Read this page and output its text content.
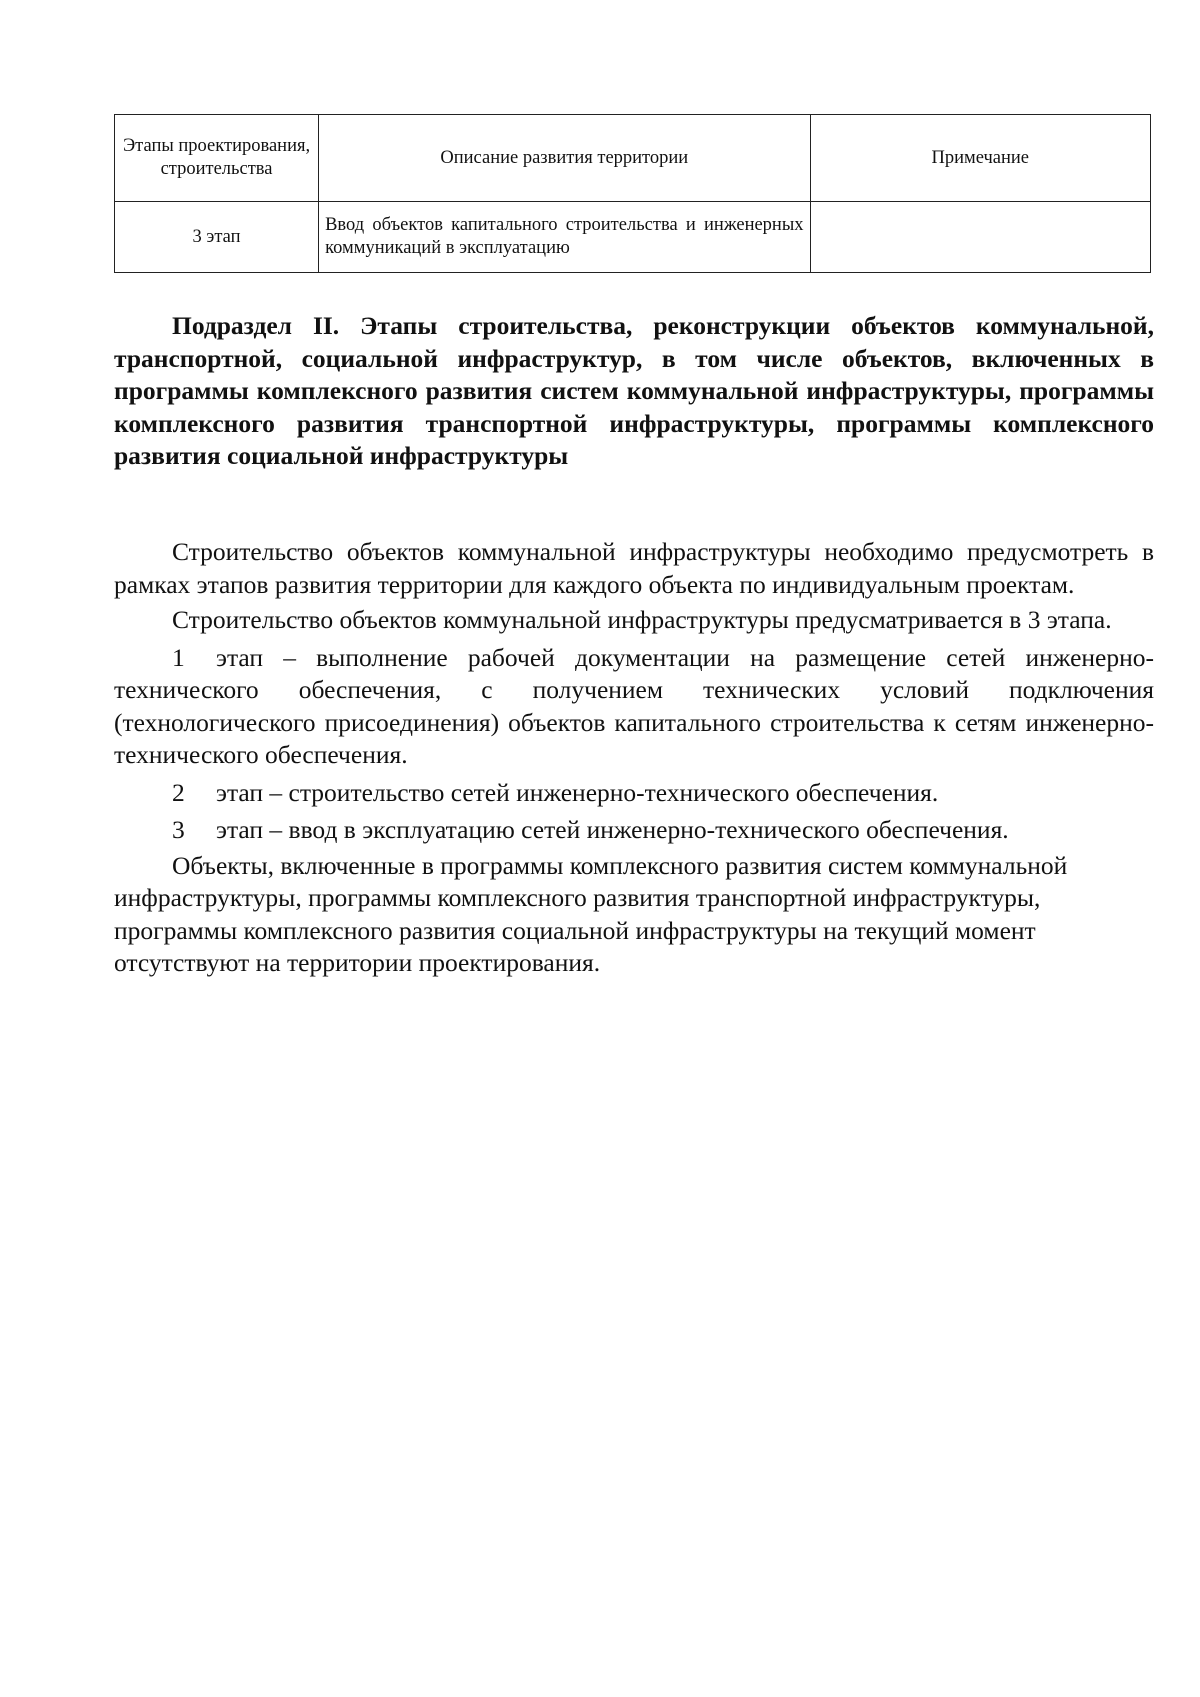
Этапы проектирования, строительства	Описание развития территории	Примечание
3 этап	Ввод объектов капитального строительства и инженерных коммуникаций в эксплуатацию	
Подраздел II. Этапы строительства, реконструкции объектов коммунальной, транспортной, социальной инфраструктур, в том числе объектов, включенных в программы комплексного развития систем коммунальной инфраструктуры, программы комплексного развития транспортной инфраструктуры, программы комплексного развития социальной инфраструктуры

Строительство объектов коммунальной инфраструктуры необходимо предусмотреть в рамках этапов развития территории для каждого объекта по индивидуальным проектам.

Строительство объектов коммунальной инфраструктуры предусматривается в 3 этапа.

1 этап – выполнение рабочей документации на размещение сетей инженерно-технического обеспечения, с получением технических условий подключения (технологического присоединения) объектов капитального строительства к сетям инженерно-технического обеспечения.

2 этап – строительство сетей инженерно-технического обеспечения.

3 этап – ввод в эксплуатацию сетей инженерно-технического обеспечения.

Объекты, включенные в программы комплексного развития систем коммунальной инфраструктуры, программы комплексного развития транспортной инфраструктуры, программы комплексного развития социальной инфраструктуры на текущий момент отсутствуют на территории проектирования.
